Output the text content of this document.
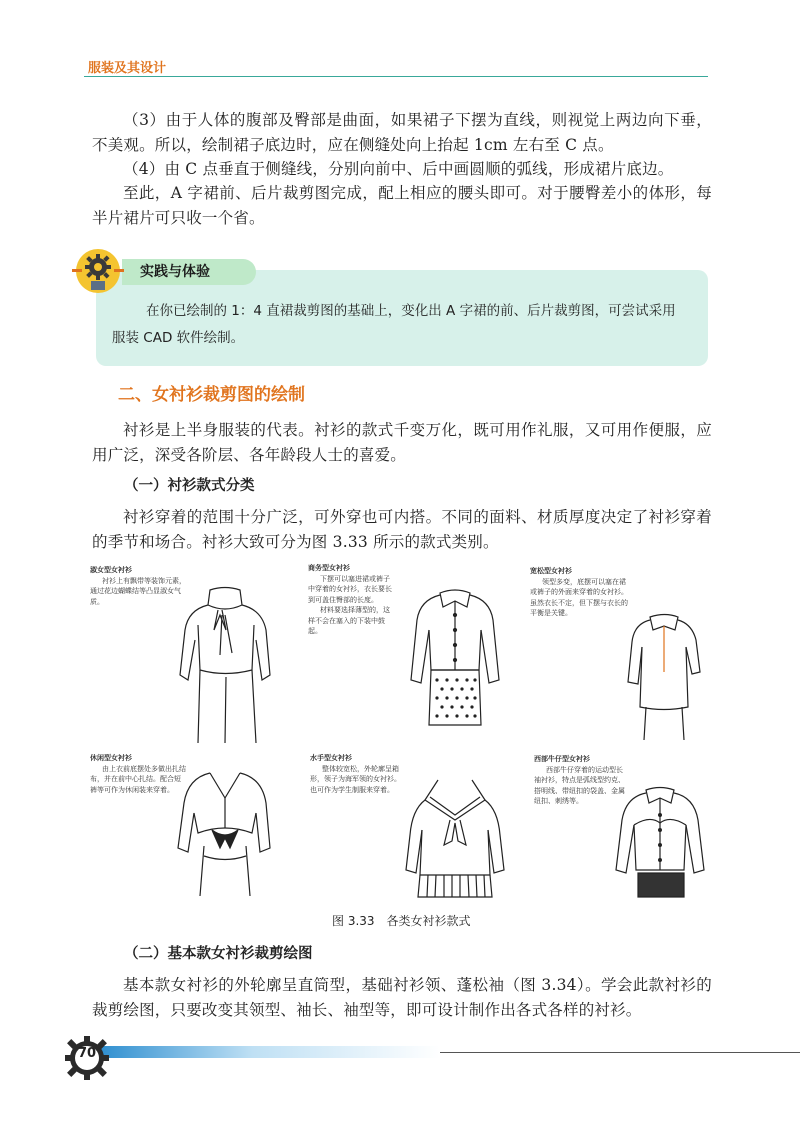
服装及其设计
（3）由于人体的腹部及臀部是曲面，如果裙子下摆为直线，则视觉上两边向下垂，不美观。所以，绘制裙子底边时，应在侧缝处向上抬起 1cm 左右至 C 点。
（4）由 C 点垂直于侧缝线，分别向前中、后中画圆顺的弧线，形成裙片底边。
至此，A 字裙前、后片裁剪图完成，配上相应的腰头即可。对于腰臀差小的体形，每半片裙片可只收一个省。
实践与体验
在你已绘制的 1：4 直裙裁剪图的基础上，变化出 A 字裙的前、后片裁剪图，可尝试采用服装 CAD 软件绘制。
二、女衬衫裁剪图的绘制
衬衫是上半身服装的代表。衬衫的款式千变万化，既可用作礼服，又可用作便服，应用广泛，深受各阶层、各年龄段人士的喜爱。
（一）衬衫款式分类
衬衫穿着的范围十分广泛，可外穿也可内搭。不同的面料、材质厚度决定了衬衫穿着的季节和场合。衬衫大致可分为图 3.33 所示的款式类别。
淑女型女衬衫
衬衫上有飘带等装饰元素，通过花边蝴蝶结等凸显淑女气质。
商务型女衬衫
下摆可以塞进裙或裤子中穿着的女衬衫，衣长要长到可盖住臀部的长度。
材料要选择薄型的，这样不会在塞入的下装中鼓起。
宽松型女衬衫
领型多变，底摆可以塞在裙或裤子的外面来穿着的女衬衫。虽然衣长不定，但下摆与衣长的平衡是关键。
休闲型女衬衫
由上衣前底摆处多做出扎结布，并在前中心扎结。配合短裤等可作为休闲装来穿着。
水手型女衬衫
整体较宽松，外轮廓呈箱形，领子为海军领的女衬衫。也可作为学生制服来穿着。
西部牛仔型女衬衫
西部牛仔穿着的运动型长袖衬衫，特点是弧线型约克、搭明线、带纽扣的袋盖、金属纽扣、刺绣等。
图 3.33　各类女衬衫款式
（二）基本款女衬衫裁剪绘图
基本款女衬衫的外轮廓呈直筒型，基础衬衫领、蓬松袖（图 3.34）。学会此款衬衫的裁剪绘图，只要改变其领型、袖长、袖型等，即可设计制作出各式各样的衬衫。
70
